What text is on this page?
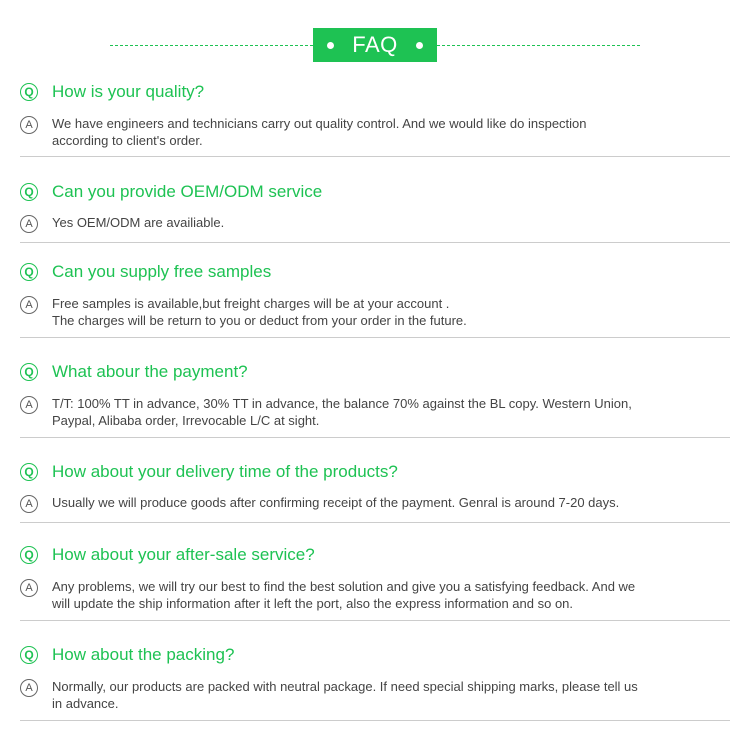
FAQ
Q How is your quality?
A	We have engineers and technicians carry out quality control. And we would like do inspection
according to client's order.
Q Can you provide OEM/ODM service
A	Yes OEM/ODM are availiable.
Q Can you supply free samples
A	Free samples is available,but freight charges will be at your account .
The charges will be return to you or deduct from your order in the future.
Q What abour the payment?
A	T/T: 100% TT in advance, 30% TT in advance, the balance 70% against the BL copy. Western Union,
Paypal, Alibaba order, Irrevocable L/C at sight.
Q How about your delivery time of the products?
A	Usually we will produce goods after confirming receipt of the payment. Genral is around 7-20 days.
Q How about your after-sale service?
A	Any problems, we will try our best to find the best solution and give you a satisfying feedback. And we
will update the ship information after it left the port, also the express information and so on.
Q How about the packing?
A	Normally, our products are packed with neutral package. If need special shipping marks, please tell us
in advance.
